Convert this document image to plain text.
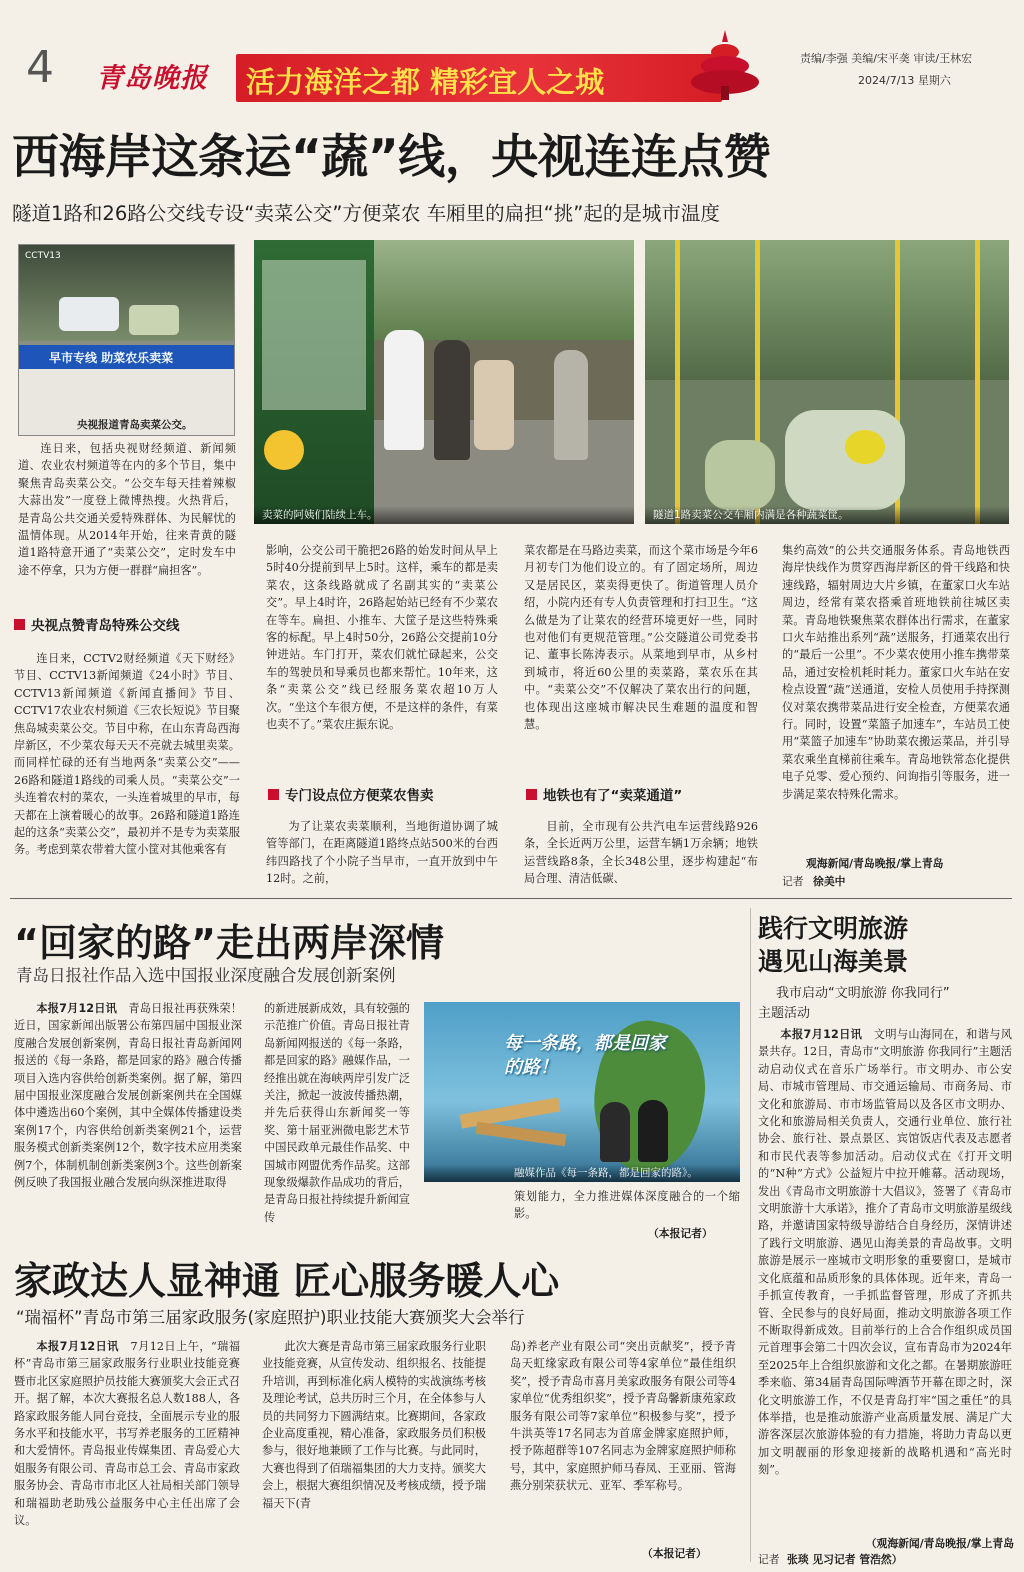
4 青岛晚报 活力海洋之都 精彩宜人之城
责编/李强 美编/宋平䶮 审读/王林宏
2024/7/13 星期六
西海岸这条运“蔬”线，央视连连点赞
隧道1路和26路公交线专设“卖菜公交”方便菜农 车厢里的扁担“挑”起的是城市温度
CCTV13
早市专线 助菜农乐卖菜
央视报道青岛卖菜公交。
卖菜的阿姨们陆续上车。	隧道1路卖菜公交车厢内满是各种蔬菜筐。

连日来，包括央视财经频道、新闻频道、农业农村频道等在内的多个节目，集中聚焦青岛卖菜公交。“公交车每天挂着辣椒大蒜出发”一度登上微博热搜。火热背后，是青岛公共交通关爱特殊群体、为民解忧的温情体现。从2014年开始，往来青黄的隧道1路特意开通了“卖菜公交”，定时发车中途不停拿，只为方便一群群“扁担客”。

央视点赞青岛特殊公交线

连日来，CCTV2财经频道《天下财经》节目、CCTV13新闻频道《24小时》节目、CCTV13新闻频道《新闻直播间》节目、CCTV17农业农村频道《三农长短说》节目聚焦岛城卖菜公交。节目中称，在山东青岛西海岸新区，不少菜农每天天不亮就去城里卖菜。而同样忙碌的还有当地两条“卖菜公交”——26路和隧道1路线的司乘人员。“卖菜公交”一头连着农村的菜农，一头连着城里的早市，每天都在上演着暖心的故事。26路和隧道1路连起的这条“卖菜公交”，最初并不是专为卖菜服务。考虑到菜农带着大筐小筐对其他乘客有

影响，公交公司干脆把26路的始发时间从早上5时40分提前到早上5时。这样，乘车的都是卖菜农，这条线路就成了名副其实的“卖菜公交”。早上4时许，26路起始站已经有不少菜农在等车。扁担、小推车、大筐子是这些特殊乘客的标配。早上4时50分，26路公交提前10分钟进站。车门打开，菜农们就忙碌起来，公交车的驾驶员和导乘员也都来帮忙。10年来，这条“卖菜公交”线已经服务菜农超10万人次。“坐这个车很方便，不是这样的条件，有菜也卖不了。”菜农庄振东说。

专门设点位方便菜农售卖

为了让菜农卖菜顺利，当地街道协调了城管等部门，在距离隧道1路终点站500米的台西纬四路找了个小院子当早市，一直开放到中午12时。之前，

菜农都是在马路边卖菜，而这个菜市场是今年6月初专门为他们设立的。有了固定场所，周边又是居民区，菜卖得更快了。街道管理人员介绍，小院内还有专人负责管理和打扫卫生。“这么做是为了让菜农的经营环境更好一些，同时也对他们有更规范管理。”公交隧道公司党委书记、董事长陈涛表示。从菜地到早市，从乡村到城市，将近60公里的卖菜路，菜农乐在其中。“卖菜公交”不仅解决了菜农出行的问题，也体现出这座城市解决民生难题的温度和智慧。

地铁也有了“卖菜通道”

目前，全市现有公共汽电车运营线路926条，全长近两万公里，运营车辆1万余辆；地铁运营线路8条，全长348公里，逐步构建起“布局合理、清洁低碳、

集约高效”的公共交通服务体系。青岛地铁西海岸快线作为贯穿西海岸新区的骨干线路和快速线路，辐射周边大片乡镇，在董家口火车站周边，经常有菜农搭乘首班地铁前往城区卖菜。青岛地铁聚焦菜农群体出行需求，在董家口火车站推出系列“蔬”送服务，打通菜农出行的“最后一公里”。不少菜农使用小推车携带菜品，通过安检机耗时耗力。董家口火车站在安检点设置“蔬”送通道，安检人员使用手持探测仪对菜农携带菜品进行安全检查，方便菜农通行。同时，设置“菜篮子加速车”，车站员工使用“菜篮子加速车”协助菜农搬运菜品，并引导菜农乘坐直梯前往乘车。青岛地铁常态化提供电子兑零、爱心预约、问询指引等服务，进一步满足菜农特殊化需求。

观海新闻/青岛晚报/掌上青岛
记者 徐美中
“回家的路”走出两岸深情
青岛日报社作品入选中国报业深度融合发展创新案例

本报7月12日讯　 青岛日报社再获殊荣！近日，国家新闻出版署公布第四届中国报业深度融合发展创新案例，青岛日报社青岛新闻网报送的《每一条路，都是回家的路》融合传播项目入选内容供给创新类案例。据了解，第四届中国报业深度融合发展创新案例共在全国媒体中遴选出60个案例，其中全媒体传播建设类案例17个，内容供给创新类案例21个，运营服务模式创新类案例12个，数字技术应用类案例7个，体制机制创新类案例3个。这些创新案例反映了我国报业融合发展向纵深推进取得

的新进展新成效，具有较强的示范推广价值。青岛日报社青岛新闻网报送的《每一条路，都是回家的路》融媒作品，一经推出就在海峡两岸引发广泛关注，掀起一波波传播热潮，并先后获得山东新闻奖一等奖、第十届亚洲微电影艺术节中国民政单元最佳作品奖、中国城市网盟优秀作品奖。这部现象级爆款作品成功的背后，是青岛日报社持续提升新闻宣传

每一条路，都是回家的路！
融媒作品《每一条路，都是回家的路》。

策划能力，全力推进媒体深度融合的一个缩影。

（本报记者）
家政达人显神通 匠心服务暖人心
“瑞福杯”青岛市第三届家政服务(家庭照护)职业技能大赛颁奖大会举行

本报7月12日讯　 7月12日上午，“瑞福杯”青岛市第三届家政服务行业职业技能竞赛暨市北区家庭照护员技能大赛颁奖大会正式召开。据了解，本次大赛报名总人数188人，各路家政服务能人同台竞技，全面展示专业的服务水平和技能水平，书写养老服务的工匠精神和大爱情怀。青岛报业传媒集团、青岛爱心大姐服务有限公司、青岛市总工会、青岛市家政服务协会、青岛市市北区人社局相关部门领导和瑞福助老助残公益服务中心主任出席了会议。

此次大赛是青岛市第三届家政服务行业职业技能竞赛，从宣传发动、组织报名、技能提升培训，再到标准化病人模特的实战演练考核及理论考试，总共历时三个月，在全体参与人员的共同努力下圆满结束。比赛期间，各家政企业高度重视，精心准备，家政服务员们积极参与，很好地兼顾了工作与比赛。与此同时，大赛也得到了佰瑞福集团的大力支持。颁奖大会上，根据大赛组织情况及考核成绩，授予瑞福天下(青

岛)养老产业有限公司“突出贡献奖”，授予青岛天虹缘家政有限公司等4家单位“最佳组织奖”，授予青岛市喜月美家政服务有限公司等4家单位“优秀组织奖”，授予青岛馨新康苑家政服务有限公司等7家单位“积极参与奖”，授予牛洪英等17名同志为首席金牌家庭照护师，授予陈超群等107名同志为金牌家庭照护师称号，其中，家庭照护师马春凤、王亚丽、管海燕分别荣获状元、亚军、季军称号。

（本报记者）
践行文明旅游
遇见山海美景
我市启动“文明旅游 你我同行”
主题活动

本报7月12日讯　 文明与山海同在，和谐与风景共存。12日，青岛市“文明旅游 你我同行”主题活动启动仪式在音乐广场举行。市文明办、市公安局、市城市管理局、市交通运输局、市商务局、市文化和旅游局、市市场监管局以及各区市文明办、文化和旅游局相关负责人，交通行业单位、旅行社协会、旅行社、景点景区、宾馆饭店代表及志愿者和市民代表等参加活动。启动仪式在《打开文明的“N种”方式》公益短片中拉开帷幕。活动现场，发出《青岛市文明旅游十大倡议》，签署了《青岛市文明旅游十大承诺》，推介了青岛市文明旅游星级线路，并邀请国家特级导游结合自身经历，深情讲述了践行文明旅游、遇见山海美景的青岛故事。文明旅游是展示一座城市文明形象的重要窗口，是城市文化底蕴和品质形象的具体体现。近年来，青岛一手抓宣传教育，一手抓监督管理，形成了齐抓共管、全民参与的良好局面，推动文明旅游各项工作不断取得新成效。目前举行的上合合作组织成员国元首理事会第二十四次会议，宣布青岛市为2024年至2025年上合组织旅游和文化之都。在暑期旅游旺季来临、第34届青岛国际啤酒节开幕在即之时，深化文明旅游工作，不仅是青岛打牢“国之重任”的具体举措，也是推动旅游产业高质量发展、满足广大游客深层次旅游体验的有力措施，将助力青岛以更加文明靓丽的形象迎接新的战略机遇和“高光时刻”。

（观海新闻/青岛晚报/掌上青岛
记者 张琰 见习记者 管浩然）
